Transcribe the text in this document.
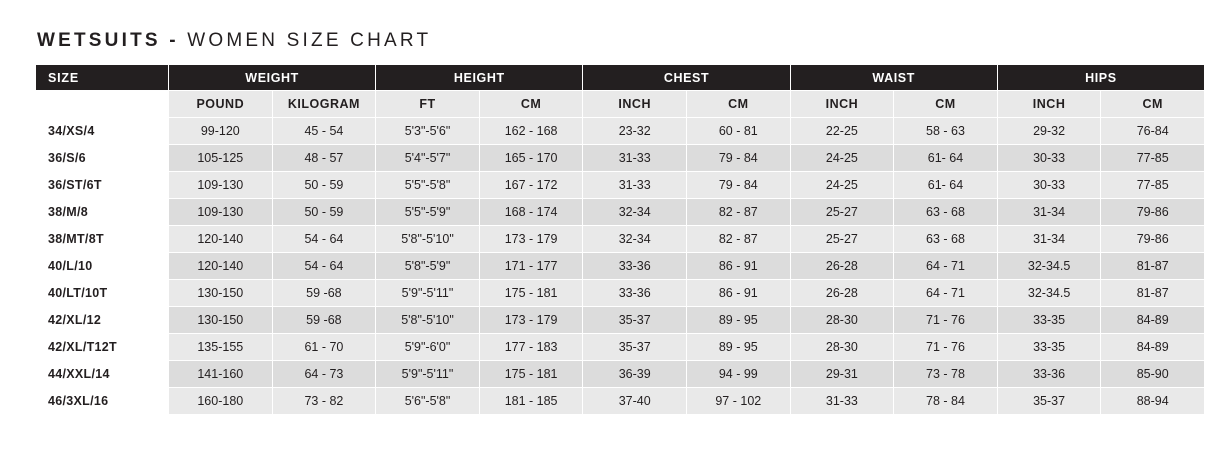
WETSUITS - WOMEN SIZE CHART
SIZE	WEIGHT		HEIGHT		CHEST		WAIST		HIPS	
	POUND	KILOGRAM	FT	CM	INCH	CM	INCH	CM	INCH	CM
34/XS/4	99-120	45 - 54	5'3"-5'6"	162 - 168	23-32	60 - 81	22-25	58 - 63	29-32	76-84
36/S/6	105-125	48 - 57	5'4"-5'7"	165 - 170	31-33	79 - 84	24-25	61- 64	30-33	77-85
36/ST/6T	109-130	50 - 59	5'5"-5'8"	167 - 172	31-33	79 - 84	24-25	61- 64	30-33	77-85
38/M/8	109-130	50 - 59	5'5"-5'9"	168 - 174	32-34	82 - 87	25-27	63 - 68	31-34	79-86
38/MT/8T	120-140	54 - 64	5'8"-5'10"	173 - 179	32-34	82 - 87	25-27	63 - 68	31-34	79-86
40/L/10	120-140	54 - 64	5'8"-5'9"	171 - 177	33-36	86 - 91	26-28	64 - 71	32-34.5	81-87
40/LT/10T	130-150	59 -68	5'9"-5'11"	175 - 181	33-36	86 - 91	26-28	64 - 71	32-34.5	81-87
42/XL/12	130-150	59 -68	5'8"-5'10"	173 - 179	35-37	89 - 95	28-30	71 - 76	33-35	84-89
42/XL/T12T	135-155	61 - 70	5'9"-6'0"	177 - 183	35-37	89 - 95	28-30	71 - 76	33-35	84-89
44/XXL/14	141-160	64 - 73	5'9"-5'11"	175 - 181	36-39	94 - 99	29-31	73 - 78	33-36	85-90
46/3XL/16	160-180	73 - 82	5'6"-5'8"	181 - 185	37-40	97 - 102	31-33	78 - 84	35-37	88-94
